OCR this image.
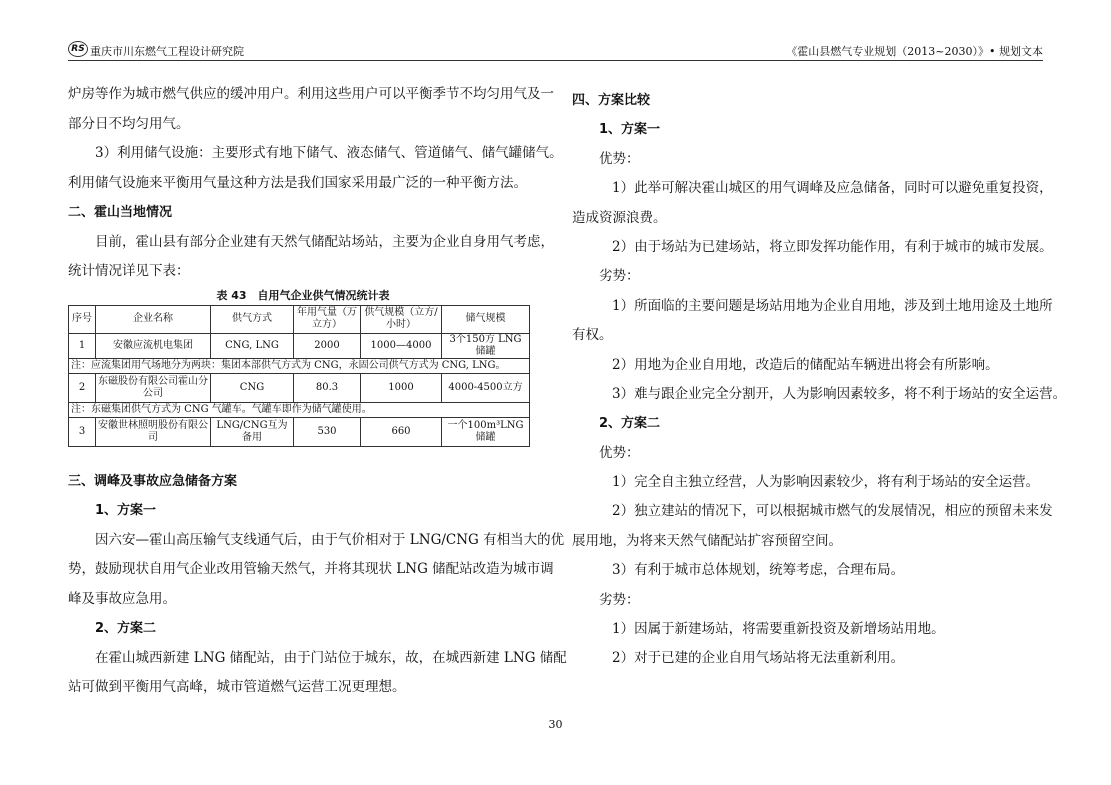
RS 重庆市川东燃气工程设计研究院	《霍山县燃气专业规划（2013~2030）》• 规划文本
炉房等作为城市燃气供应的缓冲用户。利用这些用户可以平衡季节不均匀用气及一
部分日不均匀用气。
3）利用储气设施：主要形式有地下储气、液态储气、管道储气、储气罐储气。
利用储气设施来平衡用气量这种方法是我们国家采用最广泛的一种平衡方法。
二、霍山当地情况
目前，霍山县有部分企业建有天然气储配站场站，主要为企业自身用气考虑，
统计情况详见下表：
表 43　自用气企业供气情况统计表
序号	企业名称	供气方式	年用气量（万立方）	供气规模（立方/小时）	储气规模
1	安徽应流机电集团	CNG, LNG	2000	1000—4000	3个150方 LNG 储罐
注：应流集团用气场地分为两块：集团本部供气方式为 CNG，永固公司供气方式为 CNG, LNG。					
2	东磁股份有限公司霍山分公司	CNG	80.3	1000	4000-4500立方
注：东磁集团供气方式为 CNG 气罐车。气罐车即作为储气罐使用。					
3	安徽世林照明股份有限公司	LNG/CNG互为备用	530	660	一个100m³LNG 储罐
三、调峰及事故应急储备方案
1、方案一
因六安—霍山高压输气支线通气后，由于气价相对于 LNG/CNG 有相当大的优
势，鼓励现状自用气企业改用管输天然气，并将其现状 LNG 储配站改造为城市调
峰及事故应急用。
2、方案二
在霍山城西新建 LNG 储配站，由于门站位于城东，故，在城西新建 LNG 储配
站可做到平衡用气高峰，城市管道燃气运营工况更理想。
四、方案比较
1、方案一
优势：
1）此举可解决霍山城区的用气调峰及应急储备，同时可以避免重复投资，
造成资源浪费。
2）由于场站为已建场站，将立即发挥功能作用，有利于城市的城市发展。
劣势：
1）所面临的主要问题是场站用地为企业自用地，涉及到土地用途及土地所
有权。
2）用地为企业自用地，改造后的储配站车辆进出将会有所影响。
3）难与跟企业完全分割开，人为影响因素较多，将不利于场站的安全运营。
2、方案二
优势：
1）完全自主独立经营，人为影响因素较少，将有利于场站的安全运营。
2）独立建站的情况下，可以根据城市燃气的发展情况，相应的预留未来发
展用地，为将来天然气储配站扩容预留空间。
3）有利于城市总体规划，统筹考虑，合理布局。
劣势：
1）因属于新建场站，将需要重新投资及新增场站用地。
2）对于已建的企业自用气场站将无法重新利用。
30
